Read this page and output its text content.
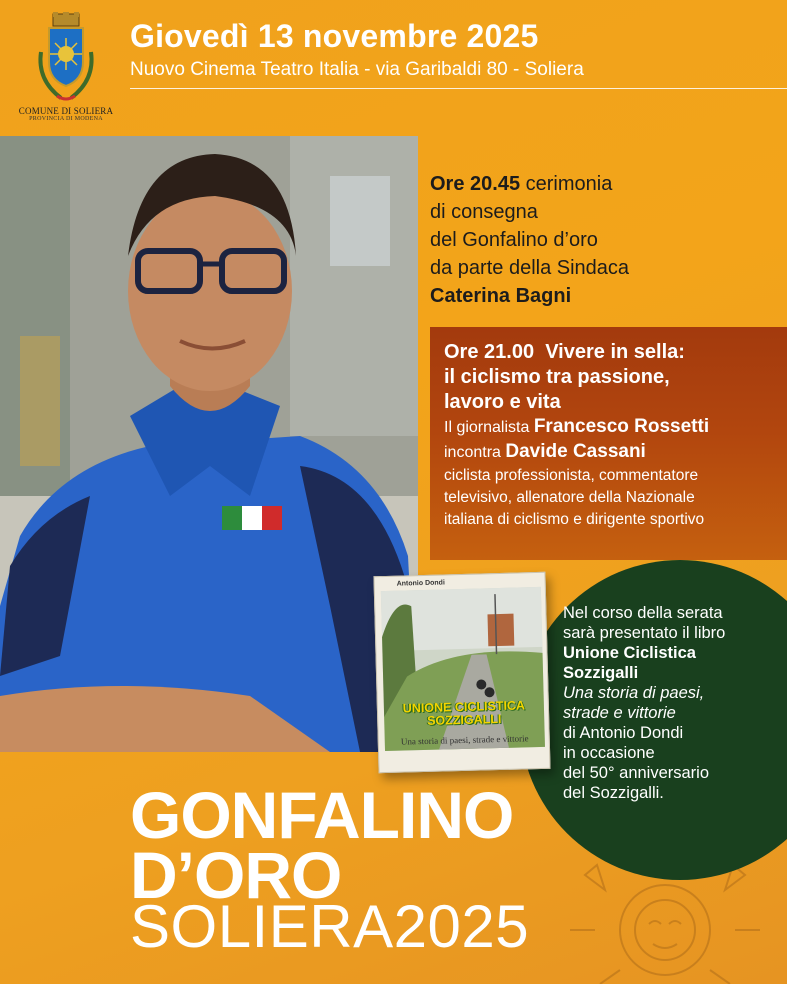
COMUNE DI SOLIERA
PROVINCIA DI MODENA
Giovedì 13 novembre 2025
Nuovo Cinema Teatro Italia - via Garibaldi 80 - Soliera
Ore 20.45 cerimonia
di consegna
del Gonfalino d’oro
da parte della Sindaca
Caterina Bagni
Ore 21.00 Vivere in sella:
il ciclismo tra passione,
lavoro e vita
Il giornalista Francesco Rossetti
incontra Davide Cassani
ciclista professionista, commentatore
televisivo, allenatore della Nazionale
italiana di ciclismo e dirigente sportivo
Nel corso della serata
sarà presentato il libro
Unione Ciclistica
Sozzigalli
Una storia di paesi,
strade e vittorie
di Antonio Dondi
in occasione
del 50° anniversario
del Sozzigalli.
Antonio Dondi
UNIONE CICLISTICA
SOZZIGALLI
Una storia di paesi, strade e vittorie
GONFALINO
D’ORO
SOLIERA2025
